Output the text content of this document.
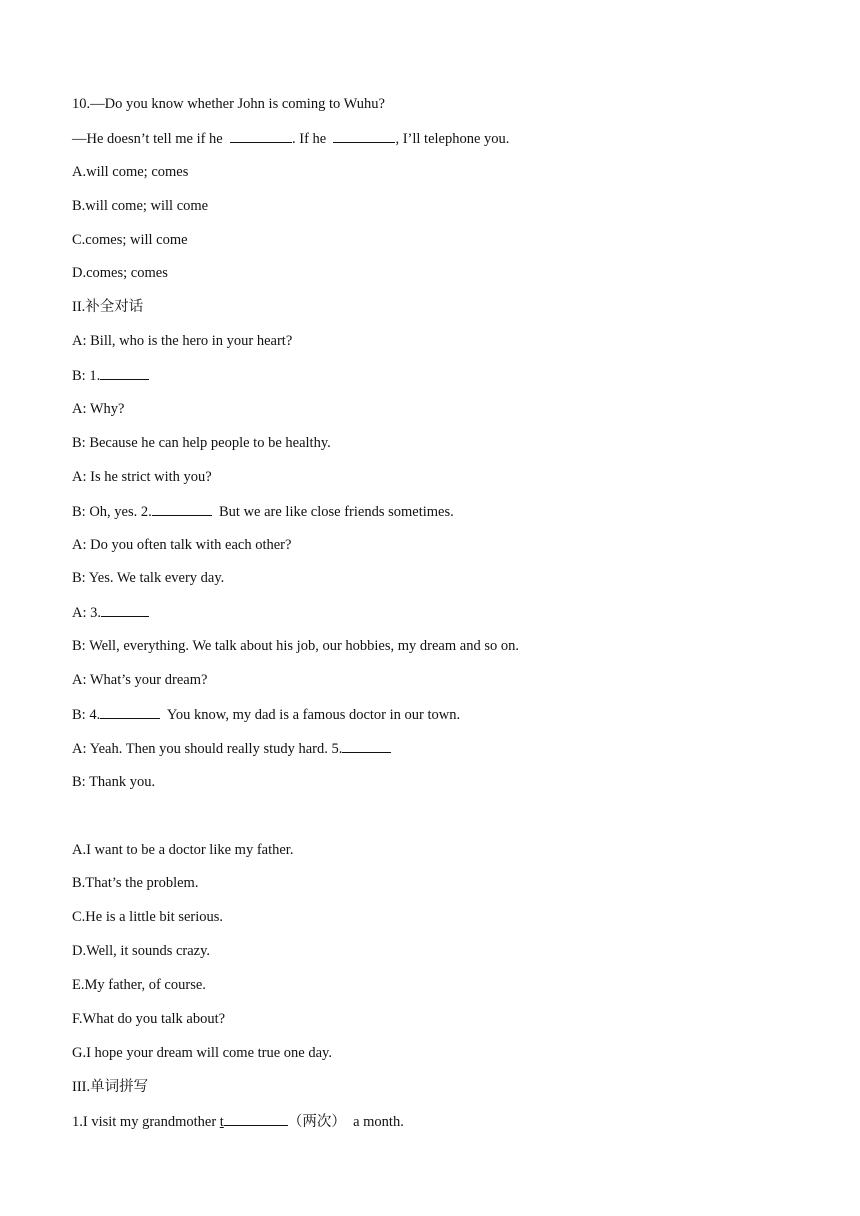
10.—Do you know whether John is coming to Wuhu?
—He doesn’t tell me if he	. If he	, I’ll telephone you.
A.will come; comes
B.will come; will come
C.comes; will come
D.comes; comes
II.补全对话
A: Bill, who is the hero in your heart?
B: 1.
A: Why?
B: Because he can help people to be healthy.
A: Is he strict with you?
B: Oh, yes. 2.	But we are like close friends sometimes.
A: Do you often talk with each other?
B: Yes. We talk every day.
A: 3.
B: Well, everything. We talk about his job, our hobbies, my dream and so on.
A: What’s your dream?
B: 4.	You know, my dad is a famous doctor in our town.
A: Yeah. Then you should really study hard. 5.
B: Thank you.
A.I want to be a doctor like my father.
B.That’s the problem.
C.He is a little bit serious.
D.Well, it sounds crazy.
E.My father, of course.
F.What do you talk about?
G.I hope your dream will come true one day.
III.单词拼写
1.I visit my grandmother t	（两次）  a month.
